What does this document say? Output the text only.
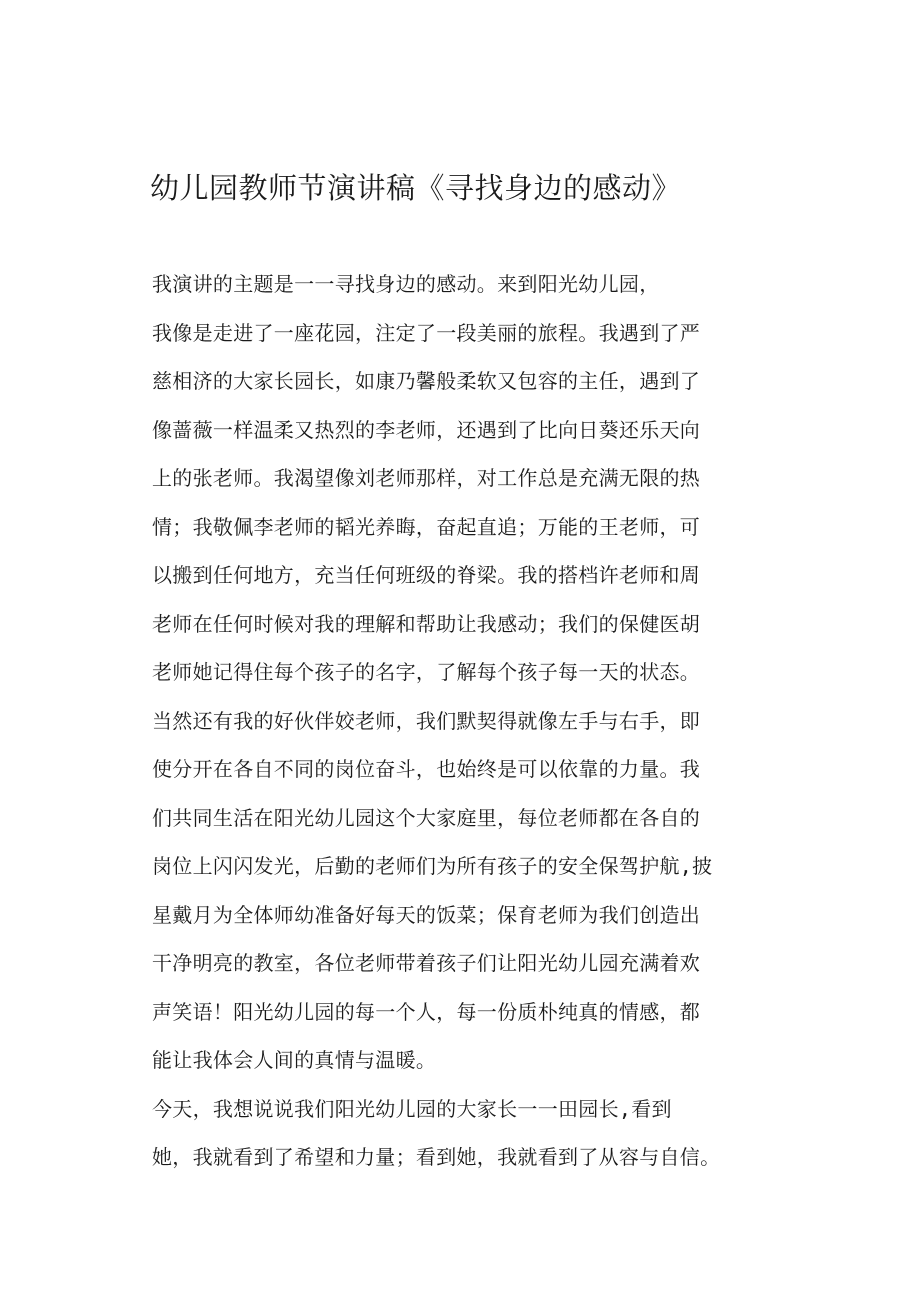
幼儿园教师节演讲稿《寻找身边的感动》
我演讲的主题是一一寻找身边的感动。来到阳光幼儿园，
我像是走进了一座花园，注定了一段美丽的旅程。我遇到了严
慈相济的大家长园长，如康乃馨般柔软又包容的主任，遇到了
像蔷薇一样温柔又热烈的李老师，还遇到了比向日葵还乐天向
上的张老师。我渴望像刘老师那样，对工作总是充满无限的热
情；我敬佩李老师的韬光养晦，奋起直追；万能的王老师，可
以搬到任何地方，充当任何班级的脊梁。我的搭档许老师和周
老师在任何时候对我的理解和帮助让我感动；我们的保健医胡
老师她记得住每个孩子的名字，了解每个孩子每一天的状态。
当然还有我的好伙伴姣老师，我们默契得就像左手与右手，即
使分开在各自不同的岗位奋斗，也始终是可以依靠的力量。我
们共同生活在阳光幼儿园这个大家庭里，每位老师都在各自的
岗位上闪闪发光，后勤的老师们为所有孩子的安全保驾护航,披
星戴月为全体师幼准备好每天的饭菜；保育老师为我们创造出
干净明亮的教室，各位老师带着孩子们让阳光幼儿园充满着欢
声笑语！阳光幼儿园的每一个人，每一份质朴纯真的情感，都
能让我体会人间的真情与温暖。
今天，我想说说我们阳光幼儿园的大家长一一田园长,看到
她，我就看到了希望和力量；看到她，我就看到了从容与自信。
